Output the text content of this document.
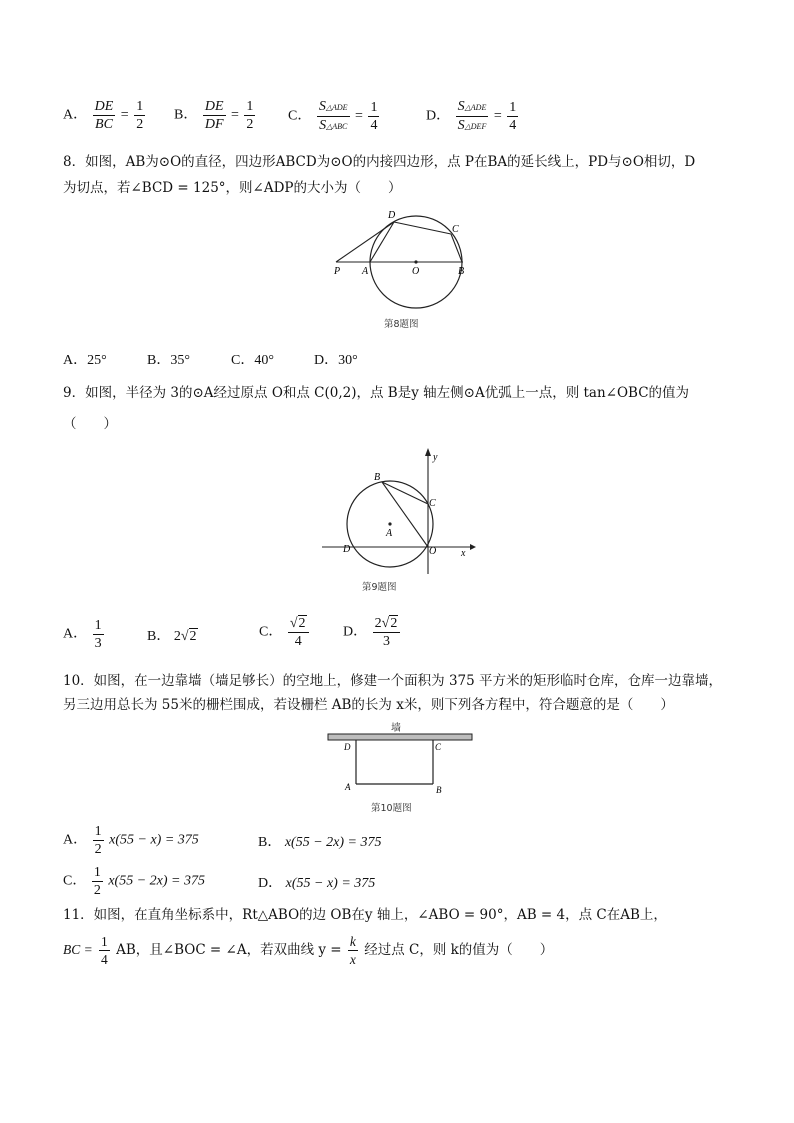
A． $\frac{DE}{BC} = \frac{1}{2}$ B． $\frac{DE}{DF} = \frac{1}{2}$ C． $\frac{\text{S△ADE}}{\text{S△ABC}} = \frac{1}{4}$	D． $\frac{\text{S△ADE}}{\text{S△DEF}} = \frac{1}{4}$
8．如图，AB为⊙O的直径，四边形ABCD为⊙O的内接四边形，点 P在BA的延长线上，PD与⊙O相切，D
为切点，若∠BCD = 125°，则∠ADP的大小为（　　）
P A	O	B
D
C
第8题图
A．25°	B．35°	C．40°	D．30°
9．如图，半径为 3的⊙A经过原点 O和点 C(0,2)，点 B是y 轴左侧⊙A优弧上一点，则 tan∠OBC的值为
（　　）
y
B
C
A
D	O x
第9题图
A． $\frac{1}{3}$	B． 2√2	C． $\frac{√2}{4}$ D． $\frac{2√2}{3}$
10．如图，在一边靠墙（墙足够长）的空地上，修建一个面积为 375 平方米的矩形临时仓库，仓库一边靠墙，
另三边用总长为 55米的栅栏围成，若设栅栏 AB的长为 x米，则下列各方程中，符合题意的是（　　）
墙
D	C
A	B
第10题图
A． $\frac{1}{2} x(55 - x) = 375$	B． x(55 − 2x) = 375
C． $\frac{1}{2} x(55 - 2x) = 375$	D． x(55 − x) = 375
11．如图，在直角坐标系中，Rt△ABO的边 OB在y 轴上，∠ABO = 90°，AB = 4，点 C在AB上，
BC = $\frac{1}{4}$ AB，且∠BOC = ∠A，若双曲线 $y = \frac{k}{x}$ 经过点 C，则 k的值为（　　）
